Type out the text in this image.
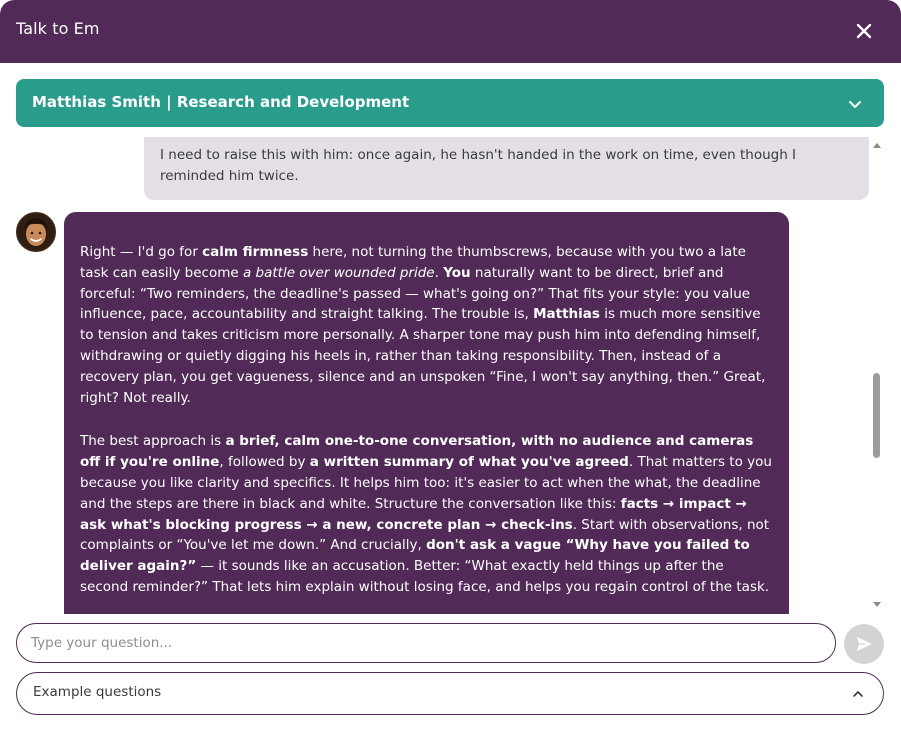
Talk to Em
Matthias Smith | Research and Development
I need to raise this with him: once again, he hasn't handed in the work on time, even though I reminded him twice.

Right — I'd go for calm firmness here, not turning the thumbscrews, because with you two a late task can easily become a battle over wounded pride. You naturally want to be direct, brief and forceful: “Two reminders, the deadline's passed — what's going on?” That fits your style: you value influence, pace, accountability and straight talking. The trouble is, Matthias is much more sensitive to tension and takes criticism more personally. A sharper tone may push him into defending himself, withdrawing or quietly digging his heels in, rather than taking responsibility. Then, instead of a recovery plan, you get vagueness, silence and an unspoken “Fine, I won't say anything, then.” Great, right? Not really.

The best approach is a brief, calm one-to-one conversation, with no audience and cameras off if you're online, followed by a written summary of what you've agreed. That matters to you because you like clarity and specifics. It helps him too: it's easier to act when the what, the deadline and the steps are there in black and white. Structure the conversation like this: facts → impact → ask what's blocking progress → a new, concrete plan → check-ins. Start with observations, not complaints or “You've let me down.” And crucially, don't ask a vague “Why have you failed to deliver again?” — it sounds like an accusation. Better: “What exactly held things up after the second reminder?” That lets him explain without losing face, and helps you regain control of the task.

Type your question...
Example questions
